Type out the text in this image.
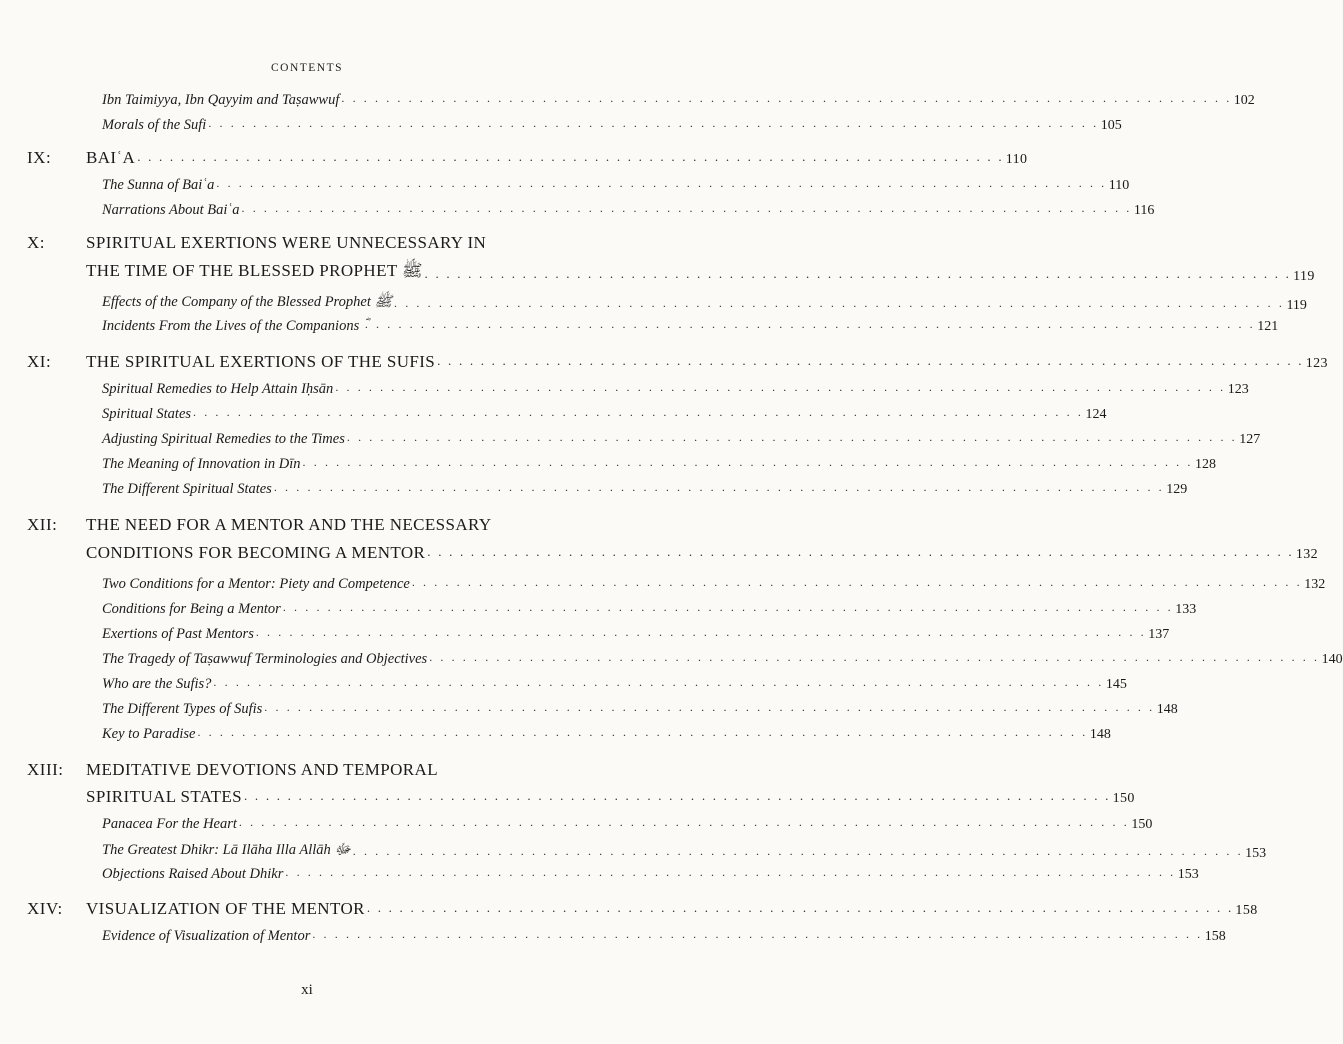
CONTENTS
Ibn Taimiyya, Ibn Qayyim and Taṣawwuf . . . . . . . . . . . . . . . . . . . . . . . . . . . . . . . . . . . . . . . . . . . . . . . . . . . . . . . . . . . . . . . . . . . . . . . . . . . . . . . . 102
Morals of the Sufi . . . . . . . . . . . . . . . . . . . . . . . . . . . . . . . . . . . . . . . . . . . . . . . . . . . . . . . . . . . . . . . . . . . . . . . . . . . . . . . . 105
IX: BAIʿA . . . . . . . . . . . . . . . . . . . . . . . . . . . . . . . . . . . . . . . . . . . . . . . . . . . . . . . . . . . . . . . . . . . . . . . . . . . . . . . . 110
The Sunna of Baiʿa . . . . . . . . . . . . . . . . . . . . . . . . . . . . . . . . . . . . . . . . . . . . . . . . . . . . . . . . . . . . . . . . . . . . . . . . . . . . . . . . 110
Narrations About Baiʿa . . . . . . . . . . . . . . . . . . . . . . . . . . . . . . . . . . . . . . . . . . . . . . . . . . . . . . . . . . . . . . . . . . . . . . . . . . . . . . . . 116
X: SPIRITUAL EXERTIONS WERE UNNECESSARY IN
THE TIME OF THE BLESSED PROPHET ﷺ . . . . . . . . . . . . . . . . . . . . . . . . . . . . . . . . . . . . . . . . . . . . . . . . . . . . . . . . . . . . . . . . . . . . . . . . . . . . . . . . 119
Effects of the Company of the Blessed Prophet ﷺ . . . . . . . . . . . . . . . . . . . . . . . . . . . . . . . . . . . . . . . . . . . . . . . . . . . . . . . . . . . . . . . . . . . . . . . . . . . . . . . . 119
Incidents From the Lives of the Companions ؓ . . . . . . . . . . . . . . . . . . . . . . . . . . . . . . . . . . . . . . . . . . . . . . . . . . . . . . . . . . . . . . . . . . . . . . . . . . . . . . . . 121
XI: THE SPIRITUAL EXERTIONS OF THE SUFIS . . . . . . . . . . . . . . . . . . . . . . . . . . . . . . . . . . . . . . . . . . . . . . . . . . . . . . . . . . . . . . . . . . . . . . . . . . . . . . . . 123
Spiritual Remedies to Help Attain Iḥsān . . . . . . . . . . . . . . . . . . . . . . . . . . . . . . . . . . . . . . . . . . . . . . . . . . . . . . . . . . . . . . . . . . . . . . . . . . . . . . . . 123
Spiritual States . . . . . . . . . . . . . . . . . . . . . . . . . . . . . . . . . . . . . . . . . . . . . . . . . . . . . . . . . . . . . . . . . . . . . . . . . . . . . . . . 124
Adjusting Spiritual Remedies to the Times . . . . . . . . . . . . . . . . . . . . . . . . . . . . . . . . . . . . . . . . . . . . . . . . . . . . . . . . . . . . . . . . . . . . . . . . . . . . . . . . 127
The Meaning of Innovation in Dīn . . . . . . . . . . . . . . . . . . . . . . . . . . . . . . . . . . . . . . . . . . . . . . . . . . . . . . . . . . . . . . . . . . . . . . . . . . . . . . . . 128
The Different Spiritual States . . . . . . . . . . . . . . . . . . . . . . . . . . . . . . . . . . . . . . . . . . . . . . . . . . . . . . . . . . . . . . . . . . . . . . . . . . . . . . . . 129
XII: THE NEED FOR A MENTOR AND THE NECESSARY
CONDITIONS FOR BECOMING A MENTOR . . . . . . . . . . . . . . . . . . . . . . . . . . . . . . . . . . . . . . . . . . . . . . . . . . . . . . . . . . . . . . . . . . . . . . . . . . . . . . . . 132
Two Conditions for a Mentor: Piety and Competence . . . . . . . . . . . . . . . . . . . . . . . . . . . . . . . . . . . . . . . . . . . . . . . . . . . . . . . . . . . . . . . . . . . . . . . . . . . . . . . . 132
Conditions for Being a Mentor . . . . . . . . . . . . . . . . . . . . . . . . . . . . . . . . . . . . . . . . . . . . . . . . . . . . . . . . . . . . . . . . . . . . . . . . . . . . . . . . 133
Exertions of Past Mentors . . . . . . . . . . . . . . . . . . . . . . . . . . . . . . . . . . . . . . . . . . . . . . . . . . . . . . . . . . . . . . . . . . . . . . . . . . . . . . . . 137
The Tragedy of Taṣawwuf Terminologies and Objectives . . . . . . . . . . . . . . . . . . . . . . . . . . . . . . . . . . . . . . . . . . . . . . . . . . . . . . . . . . . . . . . . . . . . . . . . . . . . . . . . 140
Who are the Sufis? . . . . . . . . . . . . . . . . . . . . . . . . . . . . . . . . . . . . . . . . . . . . . . . . . . . . . . . . . . . . . . . . . . . . . . . . . . . . . . . . 145
The Different Types of Sufis . . . . . . . . . . . . . . . . . . . . . . . . . . . . . . . . . . . . . . . . . . . . . . . . . . . . . . . . . . . . . . . . . . . . . . . . . . . . . . . . 148
Key to Paradise . . . . . . . . . . . . . . . . . . . . . . . . . . . . . . . . . . . . . . . . . . . . . . . . . . . . . . . . . . . . . . . . . . . . . . . . . . . . . . . . 148
XIII: MEDITATIVE DEVOTIONS AND TEMPORAL
SPIRITUAL STATES . . . . . . . . . . . . . . . . . . . . . . . . . . . . . . . . . . . . . . . . . . . . . . . . . . . . . . . . . . . . . . . . . . . . . . . . . . . . . . . . 150
Panacea For the Heart . . . . . . . . . . . . . . . . . . . . . . . . . . . . . . . . . . . . . . . . . . . . . . . . . . . . . . . . . . . . . . . . . . . . . . . . . . . . . . . . 150
The Greatest Dhikr: Lā Ilāha Illa Allāh ﷻ . . . . . . . . . . . . . . . . . . . . . . . . . . . . . . . . . . . . . . . . . . . . . . . . . . . . . . . . . . . . . . . . . . . . . . . . . . . . . . . . 153
Objections Raised About Dhikr . . . . . . . . . . . . . . . . . . . . . . . . . . . . . . . . . . . . . . . . . . . . . . . . . . . . . . . . . . . . . . . . . . . . . . . . . . . . . . . . 153
XIV: VISUALIZATION OF THE MENTOR . . . . . . . . . . . . . . . . . . . . . . . . . . . . . . . . . . . . . . . . . . . . . . . . . . . . . . . . . . . . . . . . . . . . . . . . . . . . . . . . 158
Evidence of Visualization of Mentor . . . . . . . . . . . . . . . . . . . . . . . . . . . . . . . . . . . . . . . . . . . . . . . . . . . . . . . . . . . . . . . . . . . . . . . . . . . . . . . . 158
xi
